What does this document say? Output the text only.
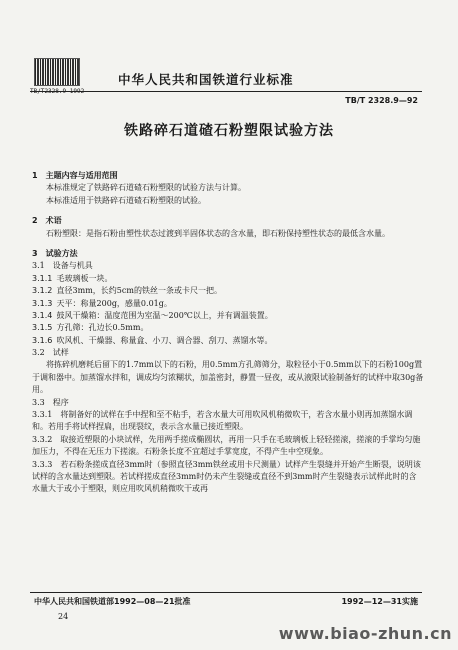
TB/T2328.9-1992
中华人民共和国铁道行业标准
TB/T 2328.9—92
铁路碎石道碴石粉塑限试验方法
1　主题内容与适用范围

本标准规定了铁路碎石道碴石粉塑限的试验方法与计算。

本标准适用于铁路碎石道碴石粉塑限的试验。

2　术语

石粉塑限：是指石粉由塑性状态过渡到半固体状态的含水量，即石粉保持塑性状态的最低含水量。

3　试验方法

3.1　设备与机具

3.1.1 毛玻璃板一块。

3.1.2 直径3mm，长约5cm的铁丝一条或卡尺一把。

3.1.3 天平：称量200g，感量0.01g。

3.1.4 鼓风干燥箱：温度范围为室温～200℃以上，并有调温装置。

3.1.5 方孔筛：孔边长0.5mm。

3.1.6 吹风机、干燥器、称量盒、小刀、调合器、刮刀、蒸馏水等。

3.2　试样

将拣碎机磨耗后留下的1.7mm以下的石粉，用0.5mm方孔筛筛分，取粒径小于0.5mm以下的石粉100g置于调和器中。加蒸馏水拌和，调成均匀浓糊状，加盖密封，静置一昼夜，或从液限试验制备好的试样中取30g备用。

3.3　程序

3.3.1　将制备好的试样在手中捏和至不粘手，若含水量大可用吹风机稍微吹干，若含水量小则再加蒸馏水调和。若用手将试样捏扁，出现裂纹，表示含水量已接近塑限。

3.3.2　取接近塑限的小块试样，先用两手搓成椭圆状，再用一只手在毛玻璃板上轻轻搓滚，搓滚的手掌均匀施加压力，不得在无压力下搓滚。石粉条长度不宜超过手掌宽度，不得产生中空现象。

3.3.3　若石粉条搓成直径3mm时（参照直径3mm铁丝或用卡尺测量）试样产生裂缝并开始产生断裂，说明该试样的含水量达到塑限。若试样搓成直径3mm时仍未产生裂缝或直径不到3mm时产生裂缝表示试样此时的含水量大于或小于塑限，则应用吹风机稍微吹干或再

中华人民共和国铁道部1992—08—21批准	1992—12—31实施
24
www.biao-zhun.cn
